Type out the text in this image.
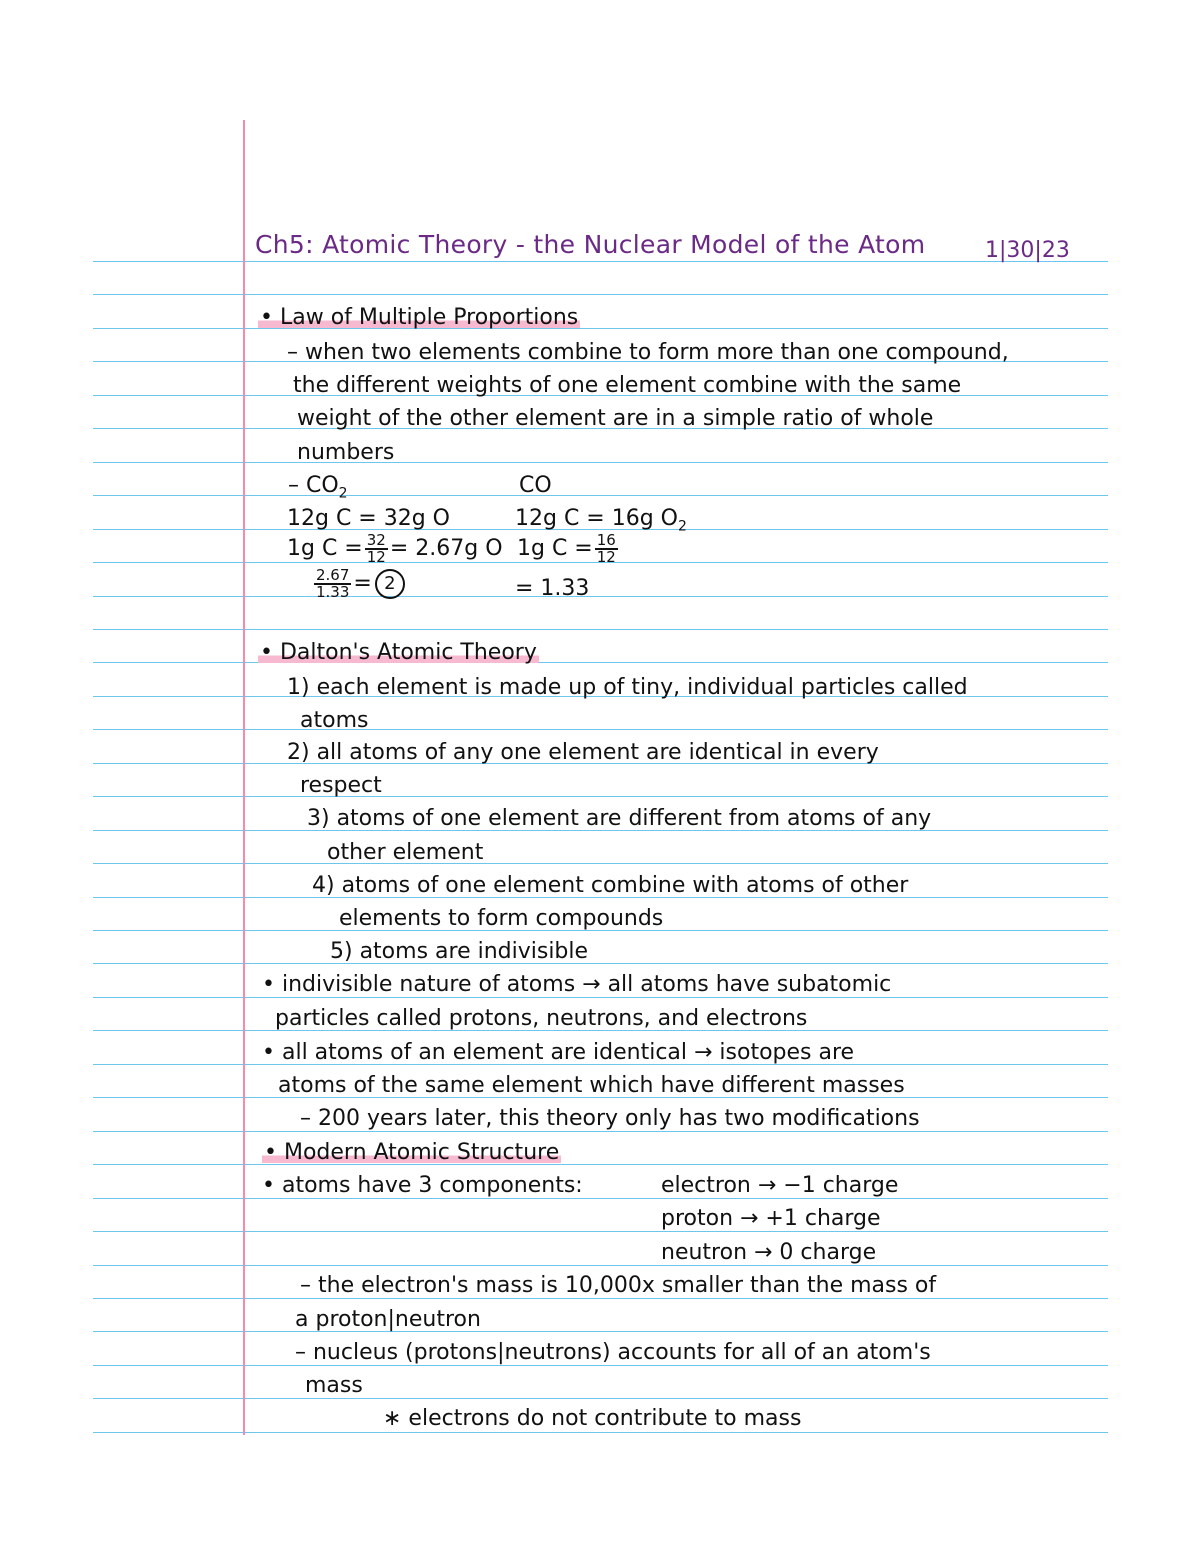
Ch5: Atomic Theory - the Nuclear Model of the Atom	1|30|23
• Law of Multiple Proportions
– when two elements combine to form more than one compound,
the different weights of one element combine with the same
weight of the other element are in a simple ratio of whole
numbers
– $CO_2$	CO
12g C = 32g O	12g C = 16g $O_2$
1g $C = \frac{32}{12} = 2.67g$ O 1g $C = \frac{16}{12}$
$\frac{2.67}{1.33} = 2$	= 1.33
• Dalton's Atomic Theory
1) each element is made up of tiny, individual particles called
atoms
2) all atoms of any one element are identical in every
respect
3) atoms of one element are different from atoms of any
other element
4) atoms of one element combine with atoms of other
elements to form compounds
5) atoms are indivisible
• indivisible nature of atoms → all atoms have subatomic
particles called protons, neutrons, and electrons
• all atoms of an element are identical → isotopes are
atoms of the same element which have different masses
– 200 years later, this theory only has two modifications
• Modern Atomic Structure
• atoms have 3 components:	electron → −1 charge
proton → +1 charge
neutron → 0 charge
– the electron's mass is 10,000x smaller than the mass of
a proton|neutron
– nucleus (protons|neutrons) accounts for all of an atom's
mass
∗ electrons do not contribute to mass
